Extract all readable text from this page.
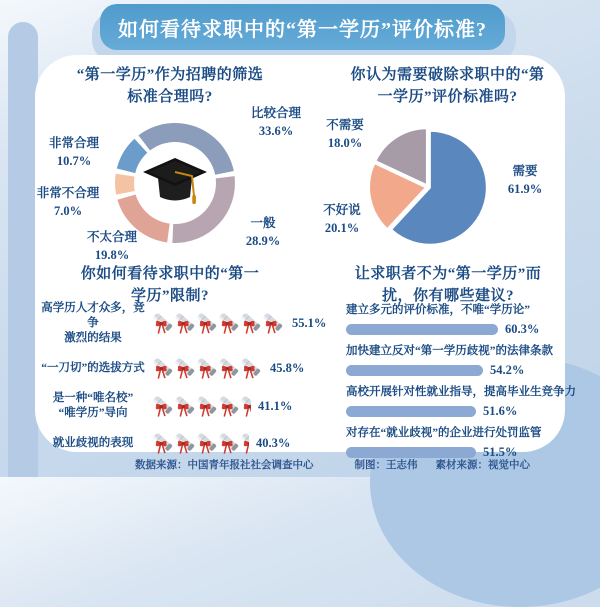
如何看待求职中的“第一学历”评价标准?
“第一学历”作为招聘的筛选
标准合理吗?
比较合理
33.6%
一般
28.9%
不太合理
19.8%
非常不合理
7.0%
非常合理
10.7%
你认为需要破除求职中的“第
一学历”评价标准吗?
不需要
18.0%
需要
61.9%
不好说
20.1%
你如何看待求职中的“第一
学历”限制?
高学历人才众多，竞争
激烈的结果
55.1%
“一刀切”的选拔方式	45.8%
是一种“唯名校”
“唯学历”导向
41.1%
就业歧视的表现	40.3%
让求职者不为“第一学历”而
扰，你有哪些建议?
建立多元的评价标准，不唯“学历论”
60.3%
加快建立反对“第一学历歧视”的法律条款
54.2%
高校开展针对性就业指导，提高毕业生竞争力
51.6%
对存在“就业歧视”的企业进行处罚监管
51.5%
数据来源：中国青年报社社会调查中心	制图：王志伟 素材来源：视觉中心
